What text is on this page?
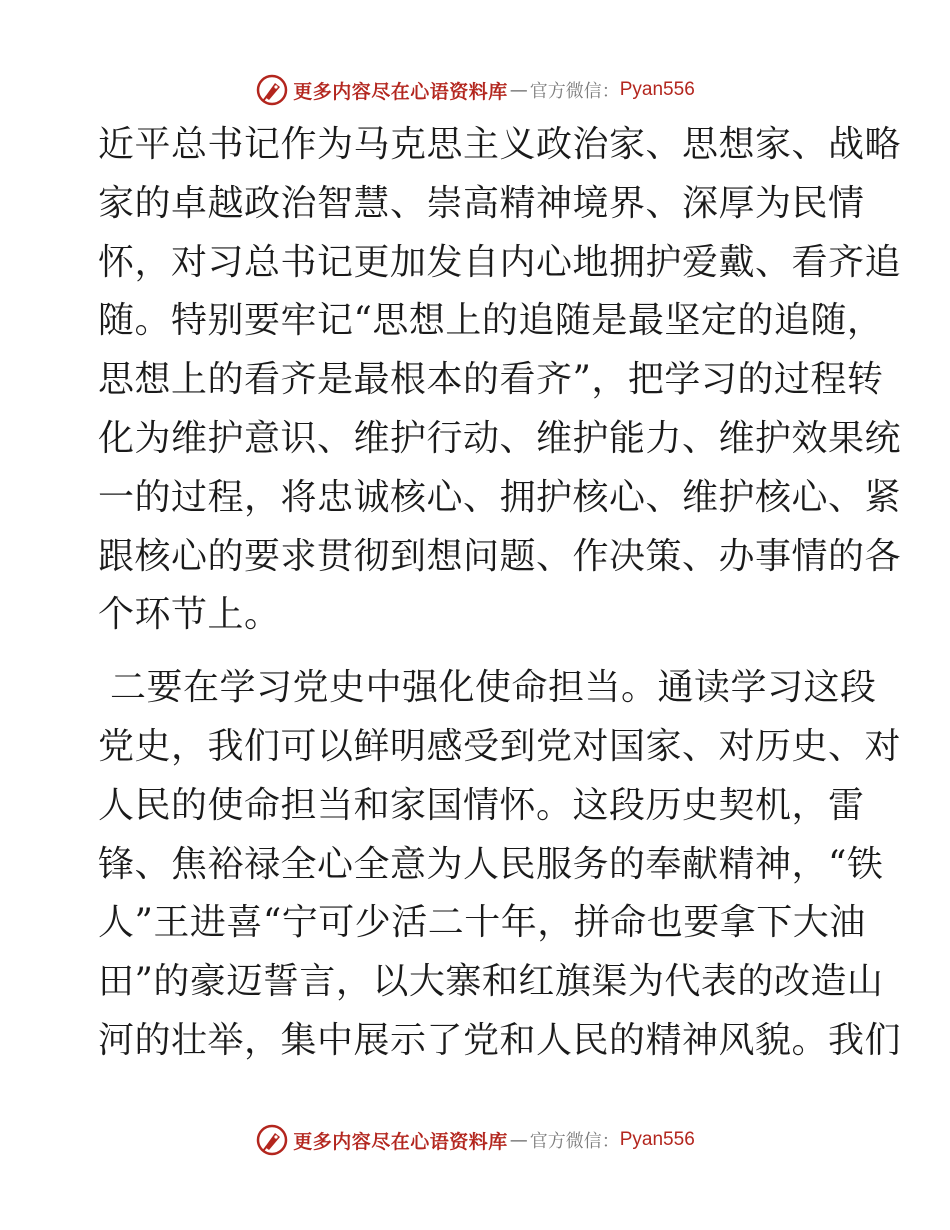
更多内容尽在心语资料库 — 官方微信： Pyan556
近平总书记作为马克思主义政治家、思想家、战略
家的卓越政治智慧、崇高精神境界、深厚为民情
怀，对习总书记更加发自内心地拥护爱戴、看齐追
随。特别要牢记“思想上的追随是最坚定的追随，
思想上的看齐是最根本的看齐”，把学习的过程转
化为维护意识、维护行动、维护能力、维护效果统
一的过程，将忠诚核心、拥护核心、维护核心、紧
跟核心的要求贯彻到想问题、作决策、办事情的各
个环节上。
二要在学习党史中强化使命担当。通读学习这段
党史，我们可以鲜明感受到党对国家、对历史、对
人民的使命担当和家国情怀。这段历史契机，雷
锋、焦裕禄全心全意为人民服务的奉献精神，“铁
人”王进喜“宁可少活二十年，拼命也要拿下大油
田”的豪迈誓言，以大寨和红旗渠为代表的改造山
河的壮举，集中展示了党和人民的精神风貌。我们
更多内容尽在心语资料库 — 官方微信： Pyan556
